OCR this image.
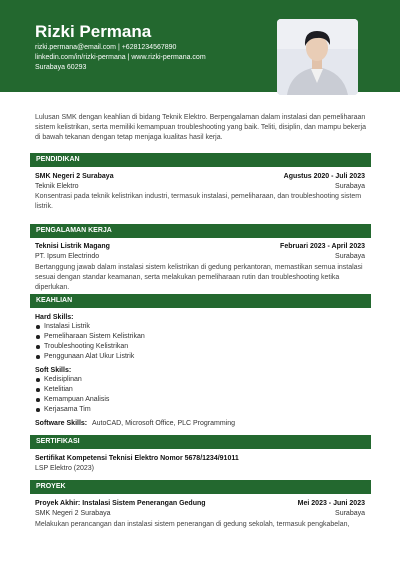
Rizki Permana
rizki.permana@email.com | +6281234567890
linkedin.com/in/rizki-permana | www.rizki-permana.com
Surabaya 60293
Lulusan SMK dengan keahlian di bidang Teknik Elektro. Berpengalaman dalam instalasi dan pemeliharaan sistem kelistrikan, serta memiliki kemampuan troubleshooting yang baik. Teliti, disiplin, dan mampu bekerja di bawah tekanan dengan tetap menjaga kualitas hasil kerja.
PENDIDIKAN
SMK Negeri 2 Surabaya	Agustus 2020 - Juli 2023
Teknik Elektro	Surabaya
Konsentrasi pada teknik kelistrikan industri, termasuk instalasi, pemeliharaan, dan troubleshooting sistem listrik.
PENGALAMAN KERJA
Teknisi Listrik Magang	Februari 2023 - April 2023
PT. Ipsum Electrindo	Surabaya
Bertanggung jawab dalam instalasi sistem kelistrikan di gedung perkantoran, memastikan semua instalasi sesuai dengan standar keamanan, serta melakukan pemeliharaan rutin dan troubleshooting ketika diperlukan.
KEAHLIAN
Hard Skills:
Instalasi Listrik
Pemeliharaan Sistem Kelistrikan
Troubleshooting Kelistrikan
Penggunaan Alat Ukur Listrik
Soft Skills:
Kedisiplinan
Ketelitian
Kemampuan Analisis
Kerjasama Tim
Software Skills: AutoCAD, Microsoft Office, PLC Programming
SERTIFIKASI
Sertifikat Kompetensi Teknisi Elektro Nomor 5678/1234/91011
LSP Elektro (2023)
PROYEK
Proyek Akhir: Instalasi Sistem Penerangan Gedung	Mei 2023 - Juni 2023
SMK Negeri 2 Surabaya	Surabaya
Melakukan perancangan dan instalasi sistem penerangan di gedung sekolah, termasuk pengkabelan,
